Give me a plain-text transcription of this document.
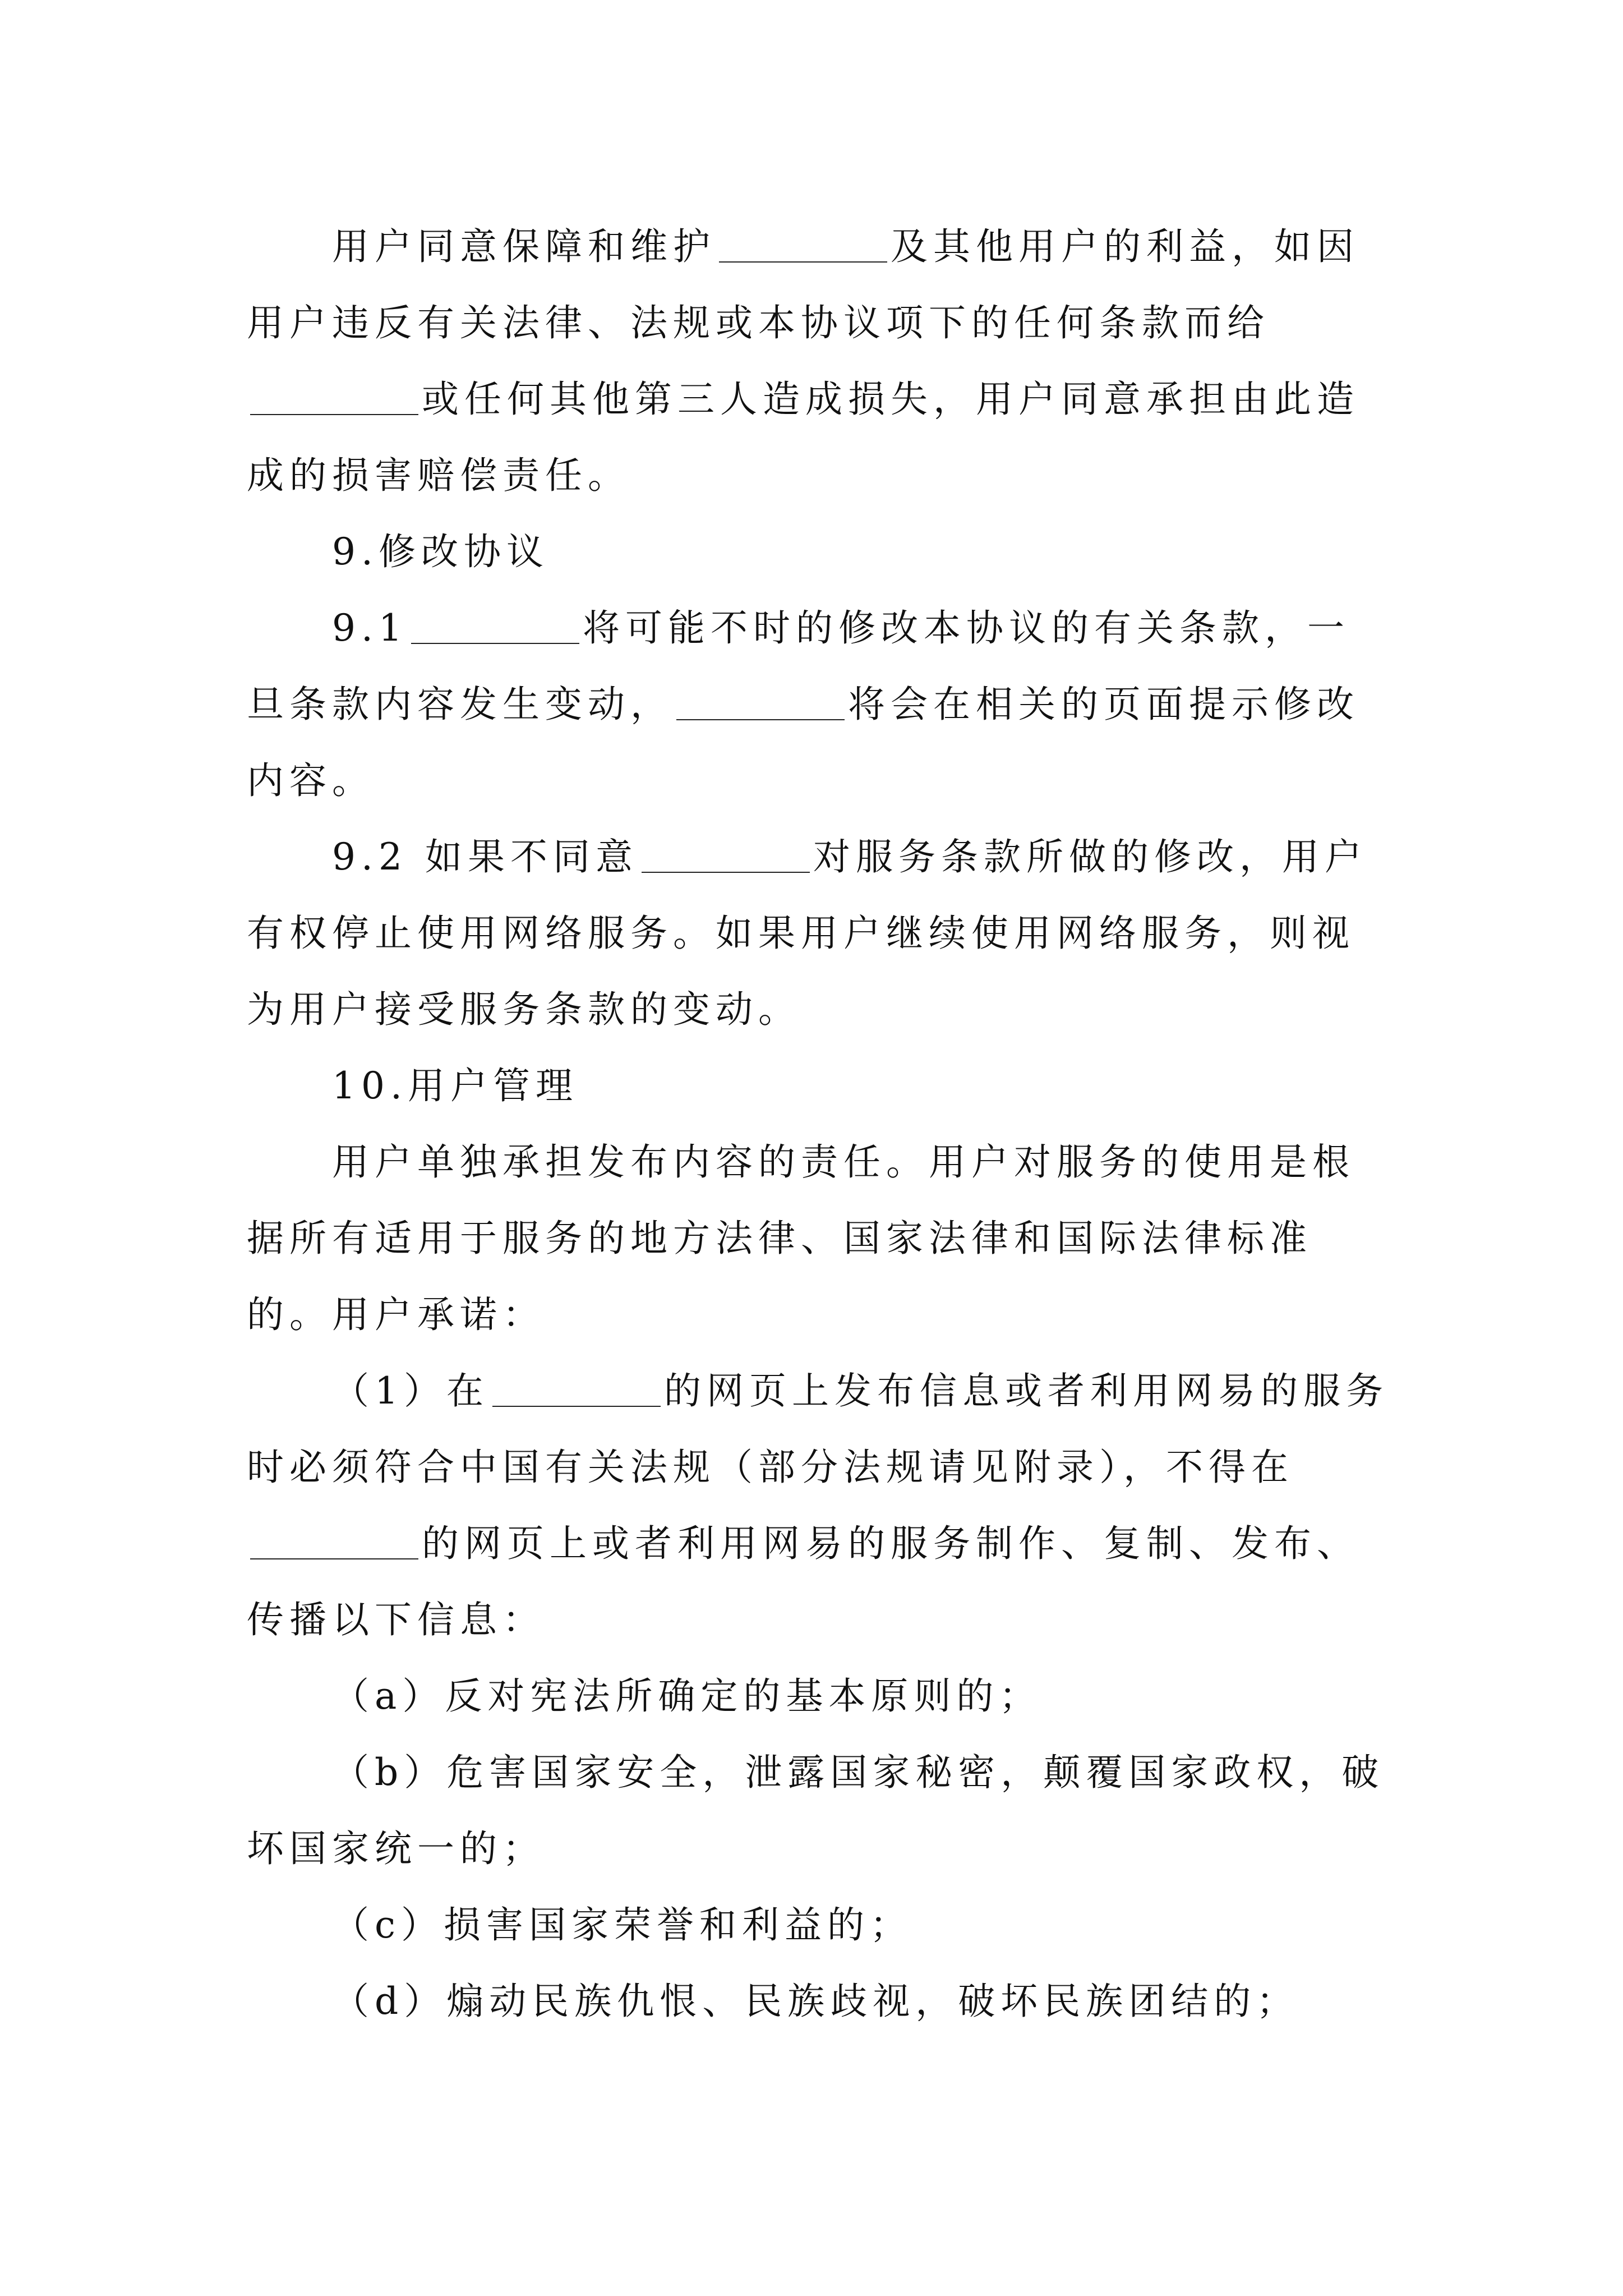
用户同意保障和维护	及其他用户的利益，如因用户违反有关法律、法规或本协议项下的任何条款而给或任何其他第三人造成损失，用户同意承担由此造成的损害赔偿责任。

9.修改协议

9.1	将可能不时的修改本协议的有关条款，一旦条款内容发生变动，	将会在相关的页面提示修改内容。

9.2 如果不同意	对服务条款所做的修改，用户有权停止使用网络服务。如果用户继续使用网络服务，则视为用户接受服务条款的变动。

10.用户管理

用户单独承担发布内容的责任。用户对服务的使用是根据所有适用于服务的地方法律、国家法律和国际法律标准的。用户承诺：

（1）在	的网页上发布信息或者利用网易的服务时必须符合中国有关法规（部分法规请见附录），不得在的网页上或者利用网易的服务制作、复制、发布、传播以下信息：

（a）反对宪法所确定的基本原则的；

（b）危害国家安全，泄露国家秘密，颠覆国家政权，破坏国家统一的；

（c）损害国家荣誉和利益的；

（d）煽动民族仇恨、民族歧视，破坏民族团结的；
